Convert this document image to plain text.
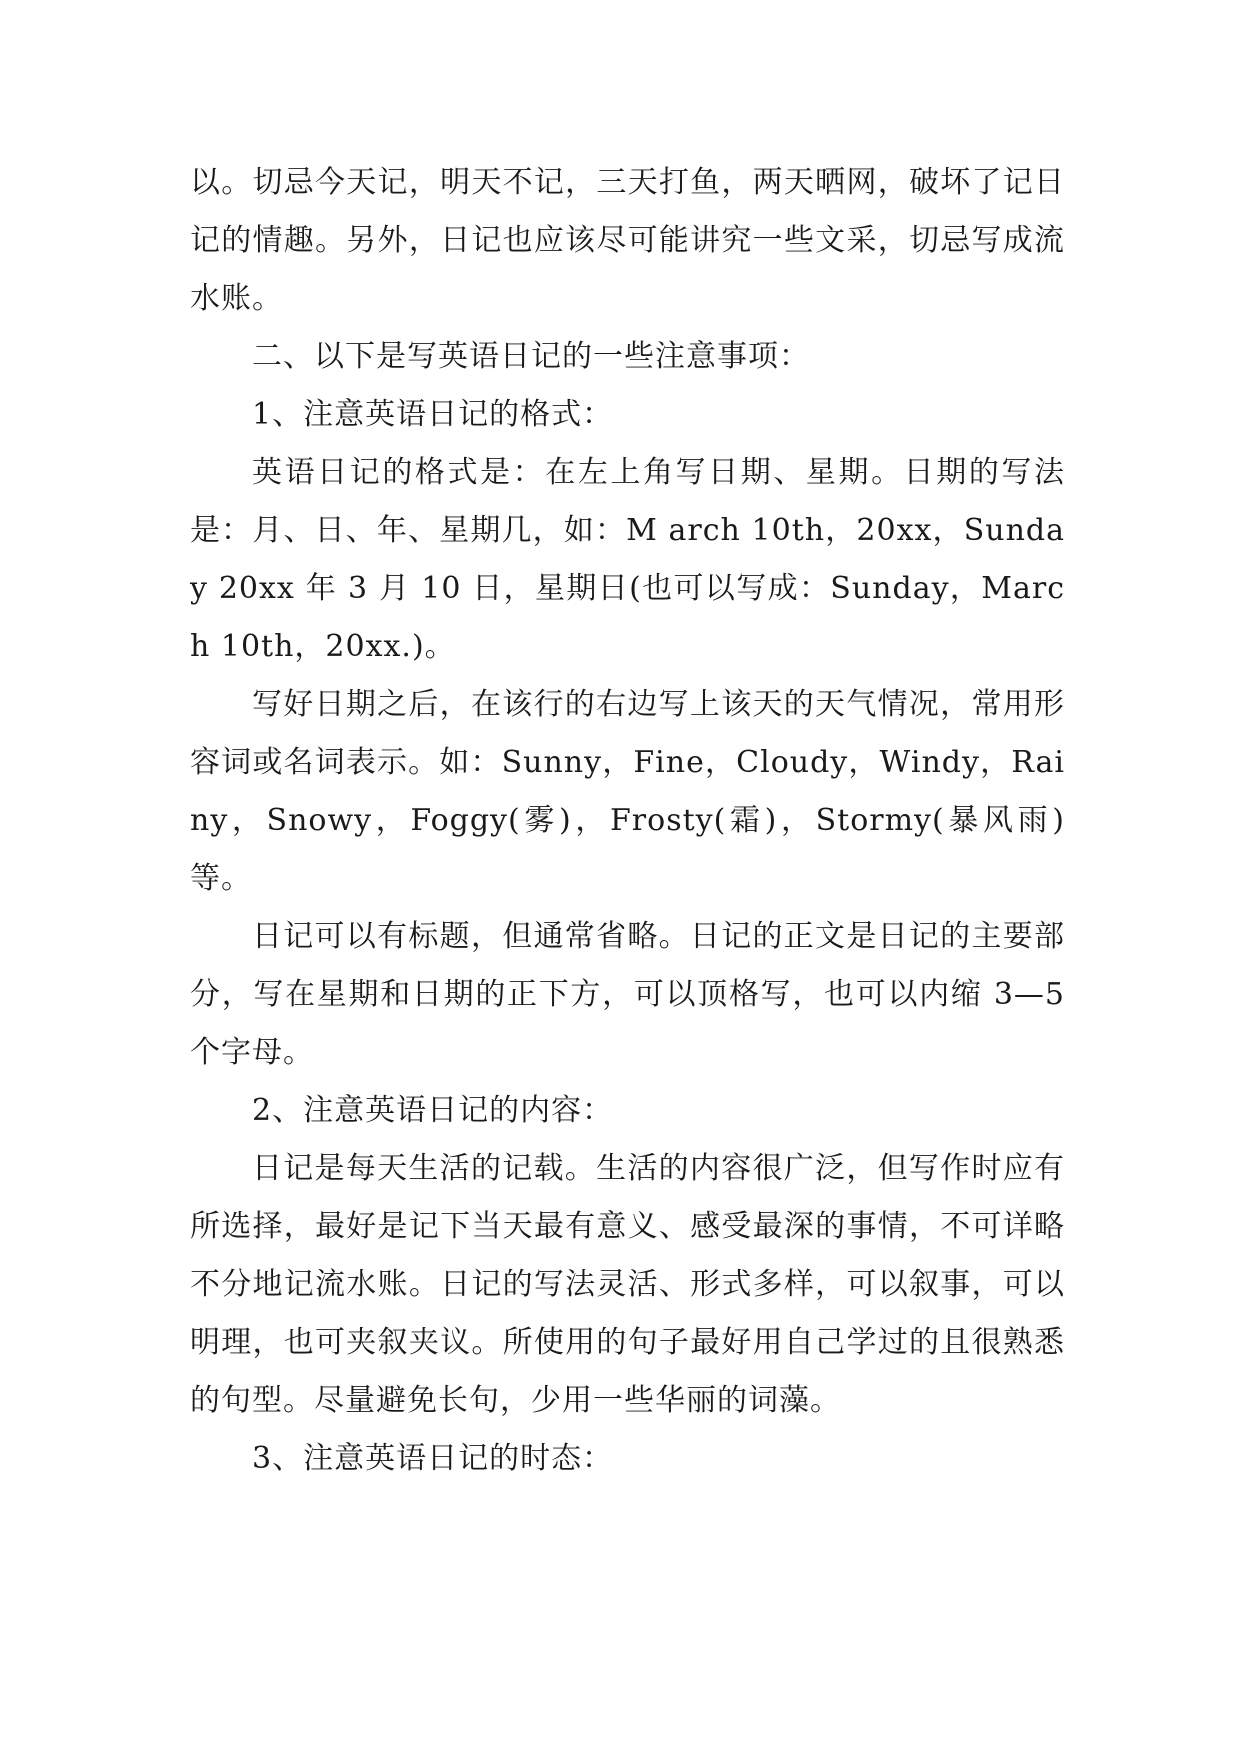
以。切忌今天记，明天不记，三天打鱼，两天晒网，破坏了记日记的情趣。另外，日记也应该尽可能讲究一些文采，切忌写成流水账。

二、以下是写英语日记的一些注意事项：

1、注意英语日记的格式：

英语日记的格式是：在左上角写日期、星期。日期的写法是：月、日、年、星期几，如：M arch 10th，20xx，Sunday 20xx 年 3 月 10 日，星期日(也可以写成：Sunday，March 10th，20xx.)。

写好日期之后，在该行的右边写上该天的天气情况，常用形容词或名词表示。如：Sunny，Fine，Cloudy，Windy，Rainy，Snowy，Foggy(雾)，Frosty(霜)，Stormy(暴风雨)等。

日记可以有标题，但通常省略。日记的正文是日记的主要部分，写在星期和日期的正下方，可以顶格写，也可以内缩 3—5 个字母。

2、注意英语日记的内容：

日记是每天生活的记载。生活的内容很广泛，但写作时应有所选择，最好是记下当天最有意义、感受最深的事情，不可详略不分地记流水账。日记的写法灵活、形式多样，可以叙事，可以明理，也可夹叙夹议。所使用的句子最好用自己学过的且很熟悉的句型。尽量避免长句，少用一些华丽的词藻。

3、注意英语日记的时态：
